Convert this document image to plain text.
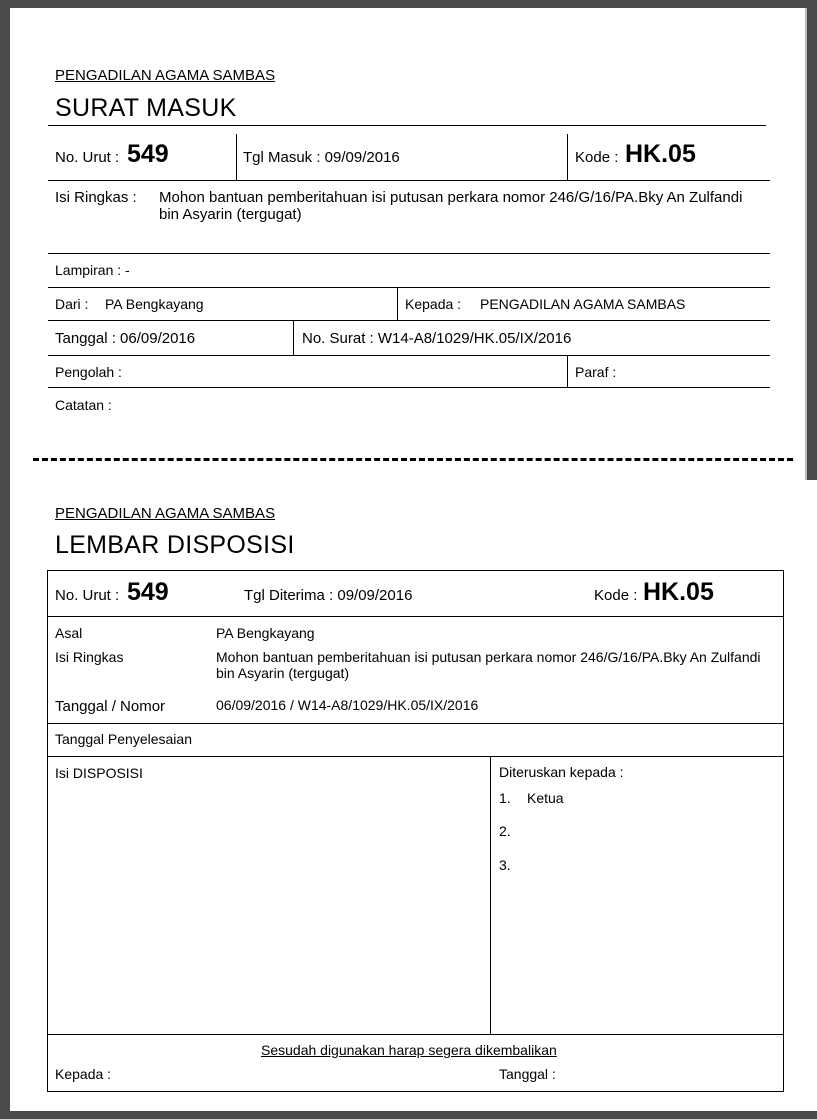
PENGADILAN AGAMA SAMBAS
SURAT MASUK
No. Urut : 549	Tgl Masuk : 09/09/2016	Kode : HK.05
Isi Ringkas : Mohon bantuan pemberitahuan isi putusan perkara nomor 246/G/16/PA.Bky An Zulfandi bin Asyarin (tergugat)
Lampiran : -
Dari : PA Bengkayang	Kepada : PENGADILAN AGAMA SAMBAS
Tanggal : 06/09/2016	No. Surat : W14-A8/1029/HK.05/IX/2016
Pengolah :	Paraf :
Catatan :
PENGADILAN AGAMA SAMBAS
LEMBAR DISPOSISI
No. Urut : 549	Tgl Diterima : 09/09/2016	Kode : HK.05
Asal	PA Bengkayang
Isi Ringkas	Mohon bantuan pemberitahuan isi putusan perkara nomor 246/G/16/PA.Bky An Zulfandi bin Asyarin (tergugat)
Tanggal / Nomor	06/09/2016 / W14-A8/1029/HK.05/IX/2016
Tanggal Penyelesaian
Isi DISPOSISI	Diteruskan kepada :
1. Ketua
2.
3.
Sesudah digunakan harap segera dikembalikan
Kepada :	Tanggal :
